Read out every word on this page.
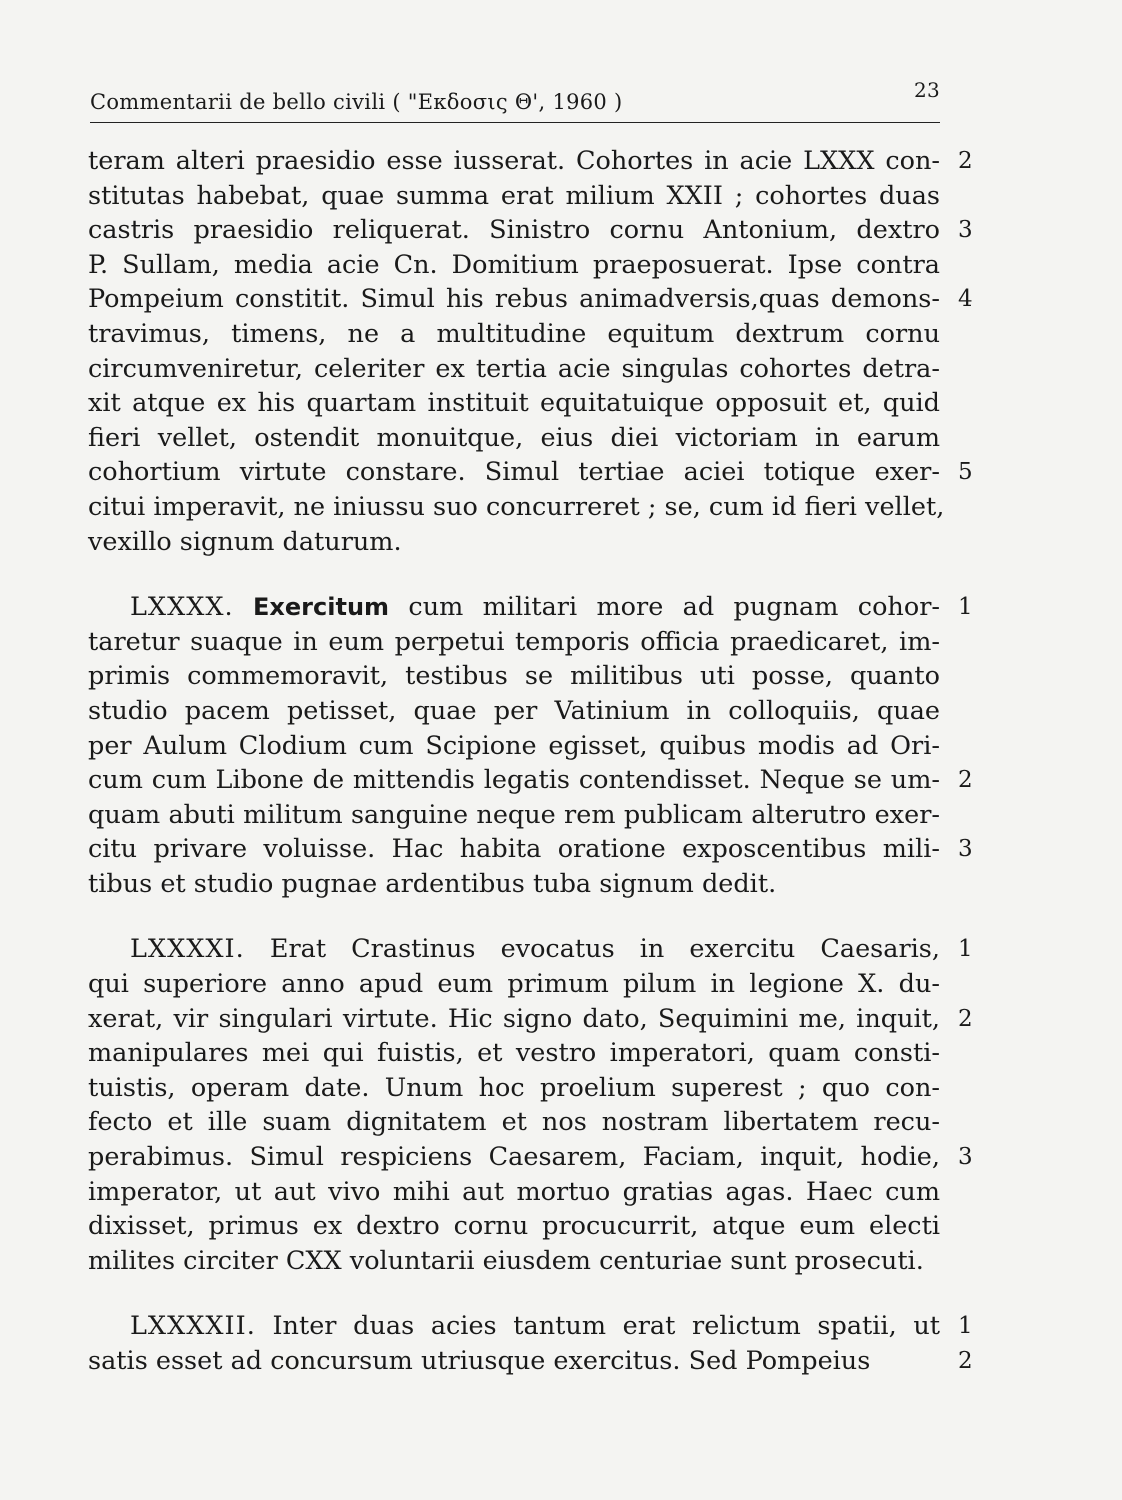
Commentarii de bello civili ( "Εκδοσις Θ', 1960 )	23
teram alteri praesidio esse iusserat. Cohortes in acie LXXX con- 2
stitutas habebat, quae summa erat milium XXII ; cohortes duas
castris praesidio reliquerat. Sinistro cornu Antonium, dextro 3
P. Sullam, media acie Cn. Domitium praeposuerat. Ipse contra
Pompeium constitit. Simul his rebus animadversis,quas demons- 4
travimus, timens, ne a multitudine equitum dextrum cornu
circumveniretur, celeriter ex tertia acie singulas cohortes detra-
xit atque ex his quartam instituit equitatuique opposuit et, quid
fieri vellet, ostendit monuitque, eius diei victoriam in earum
cohortium virtute constare. Simul tertiae aciei totique exer- 5
citui imperavit, ne iniussu suo concurreret ; se, cum id fieri vellet,
vexillo signum daturum.
LXXXX. Exercitum cum militari more ad pugnam cohor- 1
taretur suaque in eum perpetui temporis officia praedicaret, im-
primis commemoravit, testibus se militibus uti posse, quanto
studio pacem petisset, quae per Vatinium in colloquiis, quae
per Aulum Clodium cum Scipione egisset, quibus modis ad Ori-
cum cum Libone de mittendis legatis contendisset. Neque se um- 2
quam abuti militum sanguine neque rem publicam alterutro exer-
citu privare voluisse. Hac habita oratione exposcentibus mili- 3
tibus et studio pugnae ardentibus tuba signum dedit.
LXXXXI. Erat Crastinus evocatus in exercitu Caesaris, 1
qui superiore anno apud eum primum pilum in legione X. du-
xerat, vir singulari virtute. Hic signo dato, Sequimini me, inquit, 2
manipulares mei qui fuistis, et vestro imperatori, quam consti-
tuistis, operam date. Unum hoc proelium superest ; quo con-
fecto et ille suam dignitatem et nos nostram libertatem recu-
perabimus. Simul respiciens Caesarem, Faciam, inquit, hodie, 3
imperator, ut aut vivo mihi aut mortuo gratias agas. Haec cum
dixisset, primus ex dextro cornu procucurrit, atque eum electi
milites circiter CXX voluntarii eiusdem centuriae sunt prosecuti.
LXXXXII. Inter duas acies tantum erat relictum spatii, ut 1
satis esset ad concursum utriusque exercitus. Sed Pompeius	2
